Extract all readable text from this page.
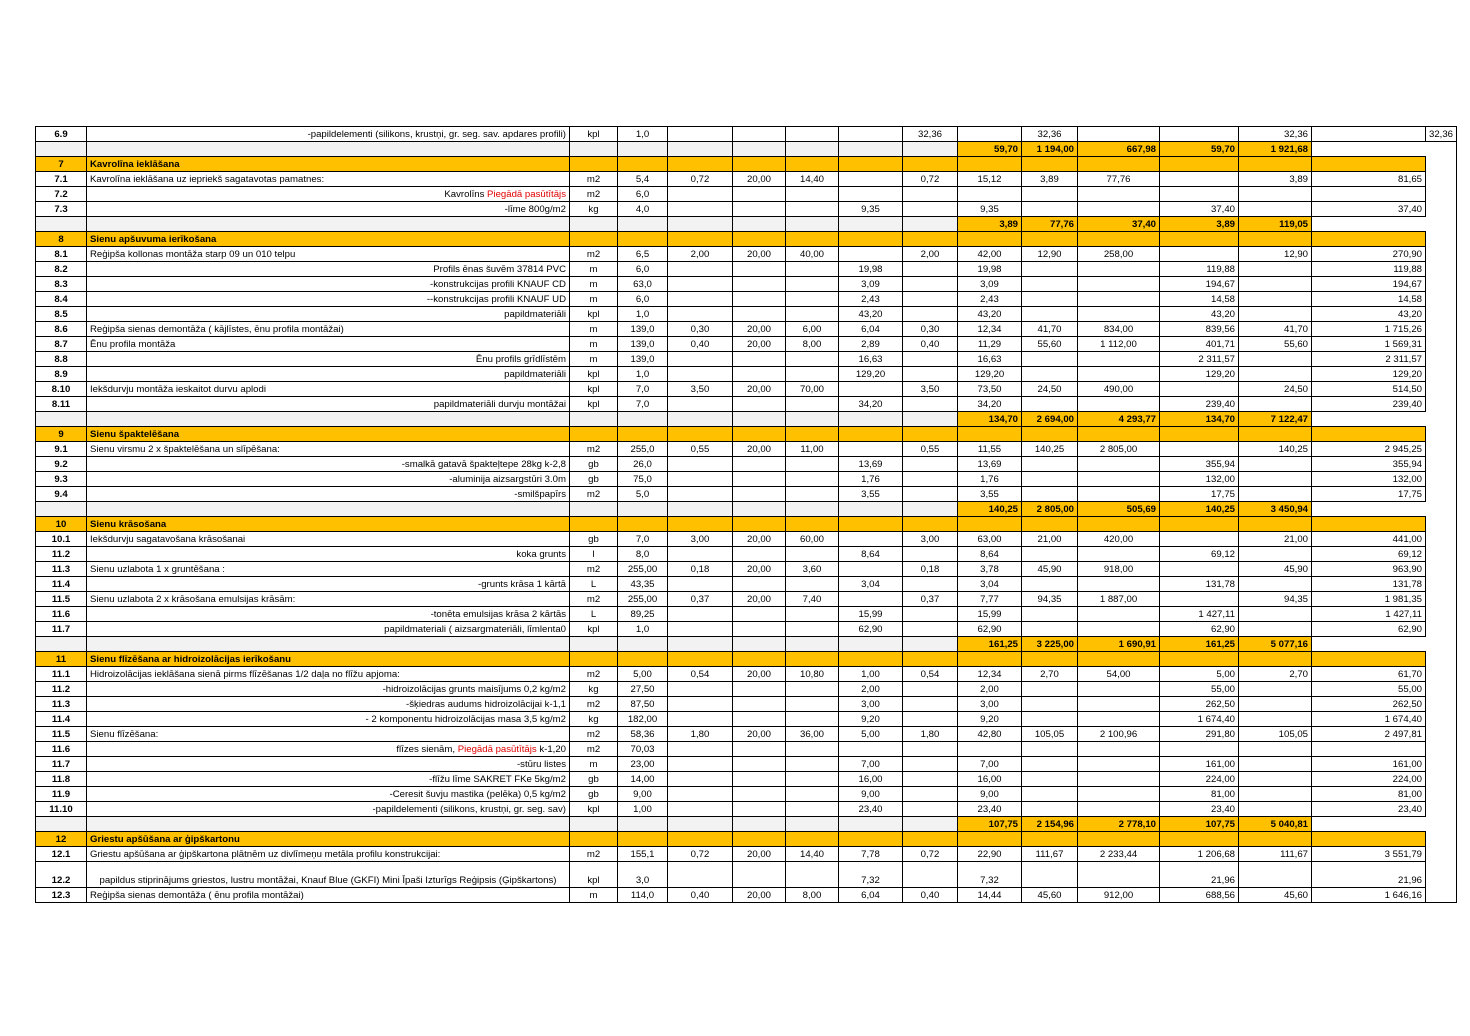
6.9	-papildelementi (silikons, krustņi, gr. seg. sav. apdares profili)	kpl	1,0					32,36		32,36			32,36		32,36
									59,70	1 194,00	667,98	59,70	1 921,68		
7	Kavrolīna ieklāšana														
7.1	Kavrolīna ieklāšana uz iepriekš sagatavotas pamatnes:	m2	5,4	0,72	20,00	14,40		0,72	15,12	3,89	77,76		3,89	81,65	
7.2	Kavrolīns Piegādā pasūtītājs	m2	6,0												
7.3	-līme 800g/m2	kg	4,0				9,35		9,35			37,40		37,40	
									3,89	77,76	37,40	3,89	119,05		
8	Sienu apšuvuma ierīkošana														
8.1	Reģipša kollonas montāža starp 09 un 010 telpu	m2	6,5	2,00	20,00	40,00		2,00	42,00	12,90	258,00		12,90	270,90	
8.2	Profils ēnas šuvēm 37814 PVC	m	6,0				19,98		19,98			119,88		119,88	
8.3	-konstrukcijas profili KNAUF CD	m	63,0				3,09		3,09			194,67		194,67	
8.4	--konstrukcijas profili KNAUF UD	m	6,0				2,43		2,43			14,58		14,58	
8.5	papildmateriāli	kpl	1,0				43,20		43,20			43,20		43,20	
8.6	Reģipša sienas demontāža ( kājlīstes, ēnu profila montāžai)	m	139,0	0,30	20,00	6,00	6,04	0,30	12,34	41,70	834,00	839,56	41,70	1 715,26	
8.7	Ēnu profila montāža	m	139,0	0,40	20,00	8,00	2,89	0,40	11,29	55,60	1 112,00	401,71	55,60	1 569,31	
8.8	Ēnu profils grīdlīstēm	m	139,0				16,63		16,63			2 311,57		2 311,57	
8.9	papildmateriāli	kpl	1,0				129,20		129,20			129,20		129,20	
8.10	Iekšdurvju montāža ieskaitot durvu aplodi	kpl	7,0	3,50	20,00	70,00		3,50	73,50	24,50	490,00		24,50	514,50	
8.11	papildmateriāli durvju montāžai	kpl	7,0				34,20		34,20			239,40		239,40	
									134,70	2 694,00	4 293,77	134,70	7 122,47		
9	Sienu špaktelēšana														
9.1	Sienu virsmu 2 x špaktelēšana un slīpēšana:	m2	255,0	0,55	20,00	11,00		0,55	11,55	140,25	2 805,00		140,25	2 945,25	
9.2	-smalkā gatavā špakteļtepe 28kg k-2,8	gb	26,0				13,69		13,69			355,94		355,94	
9.3	-aluminija aizsargstūri 3.0m	gb	75,0				1,76		1,76			132,00		132,00	
9.4	-smilšpapīrs	m2	5,0				3,55		3,55			17,75		17,75	
									140,25	2 805,00	505,69	140,25	3 450,94		
10	Sienu krāsošana														
10.1	Iekšdurvju sagatavošana krāsošanai	gb	7,0	3,00	20,00	60,00		3,00	63,00	21,00	420,00		21,00	441,00	
11.2	koka grunts	l	8,0				8,64		8,64			69,12		69,12	
11.3	Sienu uzlabota 1 x gruntēšana :	m2	255,00	0,18	20,00	3,60		0,18	3,78	45,90	918,00		45,90	963,90	
11.4	-grunts krāsa 1 kārtā	L	43,35				3,04		3,04			131,78		131,78	
11.5	Sienu uzlabota 2 x krāsošana emulsijas krāsām:	m2	255,00	0,37	20,00	7,40		0,37	7,77	94,35	1 887,00		94,35	1 981,35	
11.6	-tonēta emulsijas krāsa 2 kārtās	L	89,25				15,99		15,99			1 427,11		1 427,11	
11.7	papildmateriali ( aizsargmateriāli, līmlenta0	kpl	1,0				62,90		62,90			62,90		62,90	
									161,25	3 225,00	1 690,91	161,25	5 077,16		
11	Sienu flīzēšana ar hidroizolācijas ierīkošanu														
11.1	Hidroizolācijas ieklāšana sienā pirms flīzēšanas 1/2 daļa no flīžu apjoma:	m2	5,00	0,54	20,00	10,80	1,00	0,54	12,34	2,70	54,00	5,00	2,70	61,70	
11.2	-hidroizolācijas grunts maisījums 0,2 kg/m2	kg	27,50				2,00		2,00			55,00		55,00	
11.3	-šķiedras audums hidroizolācijai k-1,1	m2	87,50				3,00		3,00			262,50		262,50	
11.4	- 2 komponentu hidroizolācijas masa 3,5 kg/m2	kg	182,00				9,20		9,20			1 674,40		1 674,40	
11.5	Sienu flīzēšana:	m2	58,36	1,80	20,00	36,00	5,00	1,80	42,80	105,05	2 100,96	291,80	105,05	2 497,81	
11.6	flīzes sienām, Piegādā pasūtītājs k-1,20	m2	70,03												
11.7	-stūru listes	m	23,00				7,00		7,00			161,00		161,00	
11.8	-flīžu līme SAKRET FKe 5kg/m2	gb	14,00				16,00		16,00			224,00		224,00	
11.9	-Ceresit šuvju mastika (pelēka) 0,5 kg/m2	gb	9,00				9,00		9,00			81,00		81,00	
11.10	-papildelementi (silikons, krustņi, gr. seg. sav)	kpl	1,00				23,40		23,40			23,40		23,40	
									107,75	2 154,96	2 778,10	107,75	5 040,81		
12	Griestu apšūšana ar ģipškartonu														
12.1	Griestu apšūšana ar ģipškartona plātnēm uz divlīmeņu metāla profilu konstrukcijai:	m2	155,1	0,72	20,00	14,40	7,78	0,72	22,90	111,67	2 233,44	1 206,68	111,67	3 551,79	
12.2	papildus stiprinājums griestos, lustru montāžai, Knauf Blue (GKFI) Mini Īpaši Izturīgs Reģipsis (Ģipškartons)	kpl	3,0				7,32		7,32			21,96		21,96	
12.3	Reģipša sienas demontāža ( ēnu profila montāžai)	m	114,0	0,40	20,00	8,00	6,04	0,40	14,44	45,60	912,00	688,56	45,60	1 646,16	
